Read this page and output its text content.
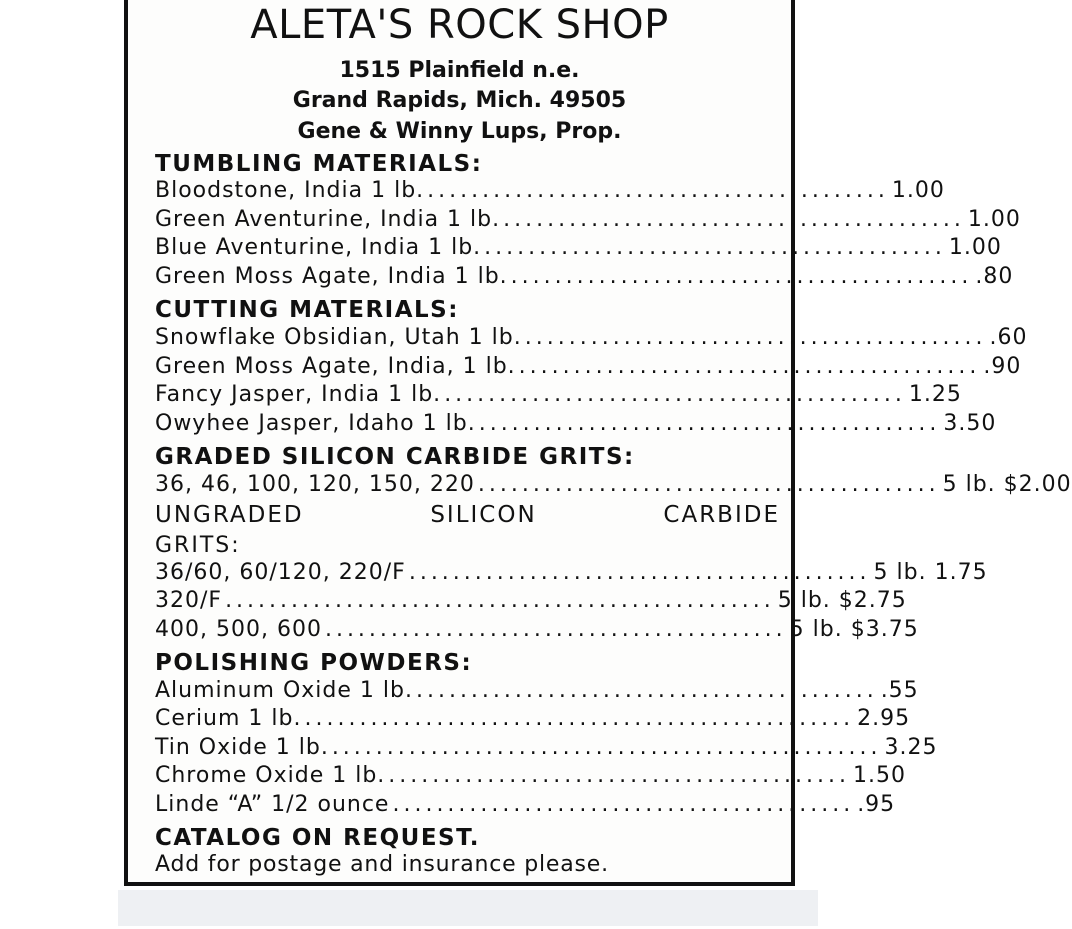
ALETA'S ROCK SHOP
1515 Plainfield n.e.
Grand Rapids, Mich. 49505
Gene & Winny Lups, Prop.
TUMBLING MATERIALS:
Bloodstone, India 1 lb. .......................................... 1.00
Green Aventurine, India 1 lb. .......................................... 1.00
Blue Aventurine, India 1 lb. .......................................... 1.00
Green Moss Agate, India 1 lb. .......................................... .80
CUTTING MATERIALS:
Snowflake Obsidian, Utah 1 lb. .......................................... .60
Green Moss Agate, India, 1 lb. .......................................... .90
Fancy Jasper, India 1 lb. .......................................... 1.25
Owyhee Jasper, Idaho 1 lb. .......................................... 3.50
GRADED SILICON CARBIDE GRITS:
36, 46, 100, 120, 150, 220 .......................................... 5 lb. $2.00
UNGRADED	SILICON	CARBIDE
GRITS:
36/60, 60/120, 220/F .......................................... 5 lb. 1.75
320/F .................................................. 5 lb. $2.75
400, 500, 600 .......................................... 5 lb. $3.75
POLISHING POWDERS:
Aluminum Oxide 1 lb. .......................................... .55
Cerium 1 lb. .................................................. 2.95
Tin Oxide 1 lb. .................................................. 3.25
Chrome Oxide 1 lb. .......................................... 1.50
Linde “A” 1/2 ounce .......................................... .95
CATALOG ON REQUEST.
Add for postage and insurance please.
